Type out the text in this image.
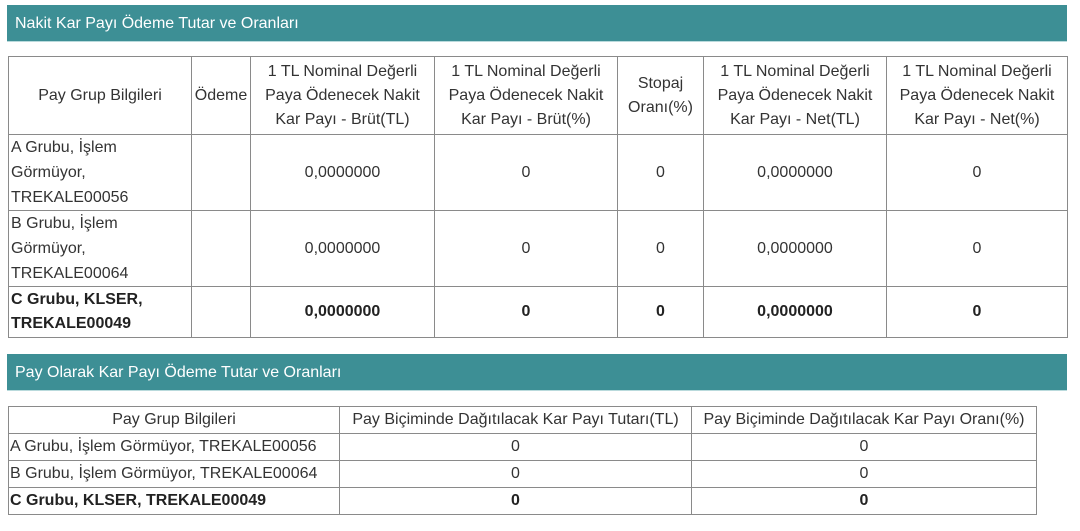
Nakit Kar Payı Ödeme Tutar ve Oranları
Pay Grup Bilgileri	Ödeme	1 TL Nominal Değerli Paya Ödenecek Nakit Kar Payı - Brüt(TL)	1 TL Nominal Değerli Paya Ödenecek Nakit Kar Payı - Brüt(%)	Stopaj Oranı(%)	1 TL Nominal Değerli Paya Ödenecek Nakit Kar Payı - Net(TL)	1 TL Nominal Değerli Paya Ödenecek Nakit Kar Payı - Net(%)
A Grubu, İşlem Görmüyor, TREKALE00056		0,0000000	0	0	0,0000000	0
B Grubu, İşlem Görmüyor, TREKALE00064		0,0000000	0	0	0,0000000	0
C Grubu, KLSER, TREKALE00049		0,0000000	0	0	0,0000000	0
Pay Olarak Kar Payı Ödeme Tutar ve Oranları
Pay Grup Bilgileri	Pay Biçiminde Dağıtılacak Kar Payı Tutarı(TL)	Pay Biçiminde Dağıtılacak Kar Payı Oranı(%)
A Grubu, İşlem Görmüyor, TREKALE00056	0	0
B Grubu, İşlem Görmüyor, TREKALE00064	0	0
C Grubu, KLSER, TREKALE00049	0	0
